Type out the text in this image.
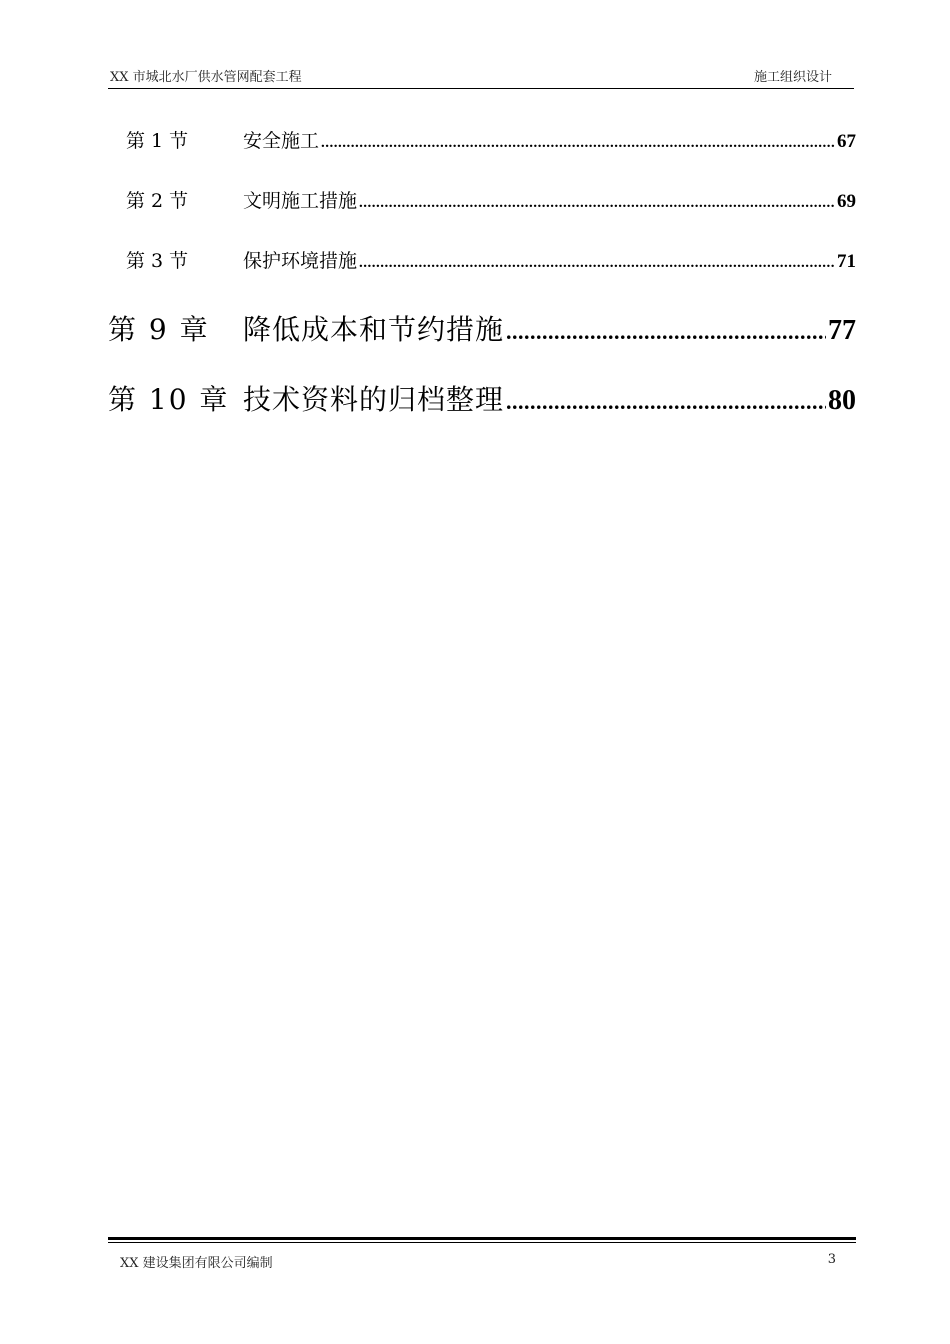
XX 市城北水厂供水管网配套工程	施工组织设计
第 1 节	安全施工 .....	67
第 2 节	文明施工措施 .....	69
第 3 节	保护环境措施 .....	71
第 9 章	降低成本和节约措施 .....	77
第 10 章 技术资料的归档整理 .....	80
XX 建设集团有限公司编制	3
